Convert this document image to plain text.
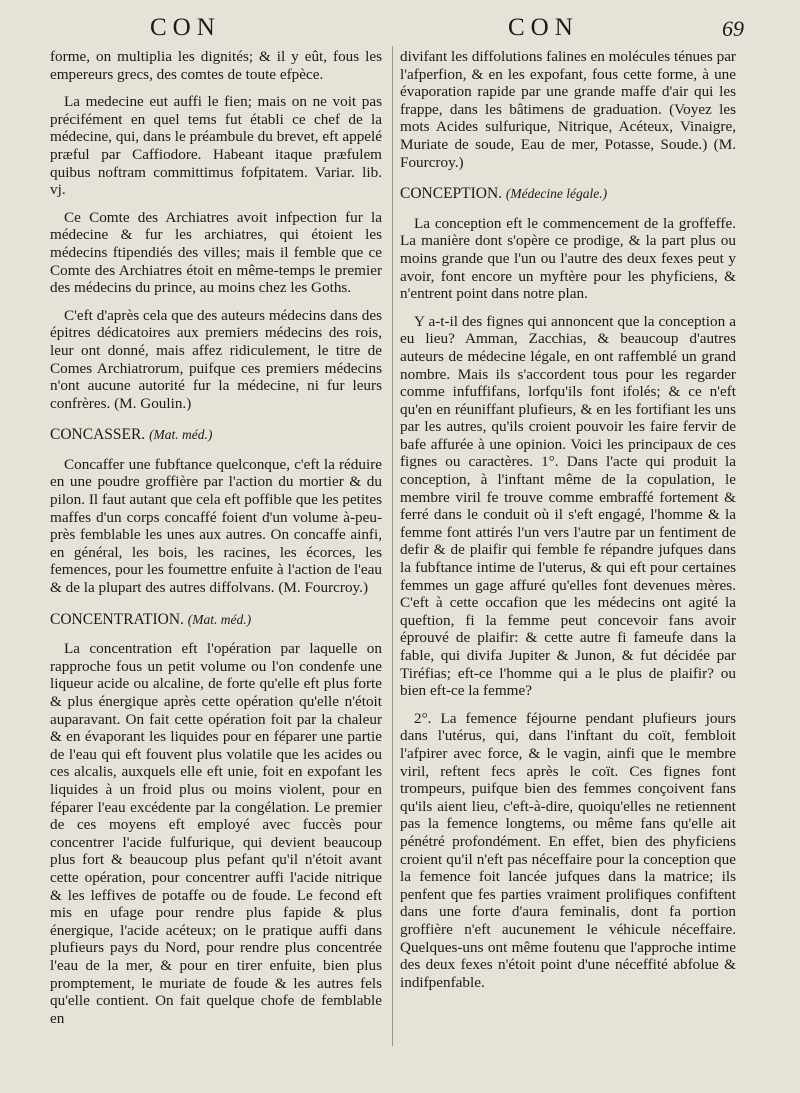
CON	CON	69

forme, on multiplia les dignités; & il y eût, fous les empereurs grecs, des comtes de toute efpèce.

La medecine eut auffi le fien; mais on ne voit pas précifément en quel tems fut établi ce chef de la médecine, qui, dans le préambule du brevet, eft appelé præful par Caffiodore. Habeant itaque præfulem quibus noftram committimus fofpitatem. Variar. lib. vj.

Ce Comte des Archiatres avoit infpection fur la médecine & fur les archiatres, qui étoient les médecins ftipendiés des villes; mais il femble que ce Comte des Archiatres étoit en même-temps le premier des médecins du prince, au moins chez les Goths.

C'eft d'après cela que des auteurs médecins dans des épitres dédicatoires aux premiers médecins des rois, leur ont donné, mais affez ridiculement, le titre de Comes Archiatrorum, puifque ces premiers médecins n'ont aucune autorité fur la médecine, ni fur leurs confrères. (M. Goulin.)

CONCASSER. (Mat. méd.)

Concaffer une fubftance quelconque, c'eft la réduire en une poudre groffière par l'action du mortier & du pilon. Il faut autant que cela eft poffible que les petites maffes d'un corps concaffé foient d'un volume à-peu-près femblable les unes aux autres. On concaffe ainfi, en général, les bois, les racines, les écorces, les femences, pour les foumettre enfuite à l'action de l'eau & de la plupart des autres diffolvans. (M. Fourcroy.)

CONCENTRATION. (Mat. méd.)

La concentration eft l'opération par laquelle on rapproche fous un petit volume ou l'on condenfe une liqueur acide ou alcaline, de forte qu'elle eft plus forte & plus énergique après cette opération qu'elle n'étoit auparavant. On fait cette opération foit par la chaleur & en évaporant les liquides pour en féparer une partie de l'eau qui eft fouvent plus volatile que les acides ou ces alcalis, auxquels elle eft unie, foit en expofant les liquides à un froid plus ou moins violent, pour en féparer l'eau excédente par la congélation. Le premier de ces moyens eft employé avec fuccès pour concentrer l'acide fulfurique, qui devient beaucoup plus fort & beaucoup plus pefant qu'il n'étoit avant cette opération, pour concentrer auffi l'acide nitrique & les leffives de potaffe ou de foude. Le fecond eft mis en ufage pour rendre plus fapide & plus énergique, l'acide acéteux; on le pratique auffi dans plufieurs pays du Nord, pour rendre plus concentrée l'eau de la mer, & pour en tirer enfuite, bien plus promptement, le muriate de foude & les autres fels qu'elle contient. On fait quelque chofe de femblable en

divifant les diffolutions falines en molécules ténues par l'afperfion, & en les expofant, fous cette forme, à une évaporation rapide par une grande maffe d'air qui les frappe, dans les bâtimens de graduation. (Voyez les mots Acides sulfurique, Nitrique, Acéteux, Vinaigre, Muriate de soude, Eau de mer, Potasse, Soude.) (M. Fourcroy.)

CONCEPTION. (Médecine légale.)

La conception eft le commencement de la groffeffe. La manière dont s'opère ce prodige, & la part plus ou moins grande que l'un ou l'autre des deux fexes peut y avoir, font encore un myftère pour les phyficiens, & n'entrent point dans notre plan.

Y a-t-il des fignes qui annoncent que la conception a eu lieu? Amman, Zacchias, & beaucoup d'autres auteurs de médecine légale, en ont raffemblé un grand nombre. Mais ils s'accordent tous pour les regarder comme infuffifans, lorfqu'ils font ifolés; & ce n'eft qu'en en réuniffant plufieurs, & en les fortifiant les uns par les autres, qu'ils croient pouvoir les faire fervir de bafe affurée à une opinion. Voici les principaux de ces fignes ou caractères. 1°. Dans l'acte qui produit la conception, à l'inftant même de la copulation, le membre viril fe trouve comme embraffé fortement & ferré dans le conduit où il s'eft engagé, l'homme & la femme font attirés l'un vers l'autre par un fentiment de defir & de plaifir qui femble fe répandre jufques dans la fubftance intime de l'uterus, & qui eft pour certaines femmes un gage affuré qu'elles font devenues mères. C'eft à cette occafion que les médecins ont agité la queftion, fi la femme peut concevoir fans avoir éprouvé de plaifir: & cette autre fi fameufe dans la fable, qui divifa Jupiter & Junon, & fut décidée par Tiréfias; eft-ce l'homme qui a le plus de plaifir? ou bien eft-ce la femme?

2°. La femence féjourne pendant plufieurs jours dans l'utérus, qui, dans l'inftant du coït, fembloit l'afpirer avec force, & le vagin, ainfi que le membre viril, reftent fecs après le coït. Ces fignes font trompeurs, puifque bien des femmes conçoivent fans qu'ils aient lieu, c'eft-à-dire, quoiqu'elles ne retiennent pas la femence longtems, ou même fans qu'elle ait pénétré profondément. En effet, bien des phyficiens croient qu'il n'eft pas néceffaire pour la conception que la femence foit lancée jufques dans la matrice; ils penfent que fes parties vraiment prolifiques confiftent dans une forte d'aura feminalis, dont fa portion groffière n'eft aucunement le véhicule néceffaire. Quelques-uns ont même foutenu que l'approche intime des deux fexes n'étoit point d'une néceffité abfolue & indifpenfable.
